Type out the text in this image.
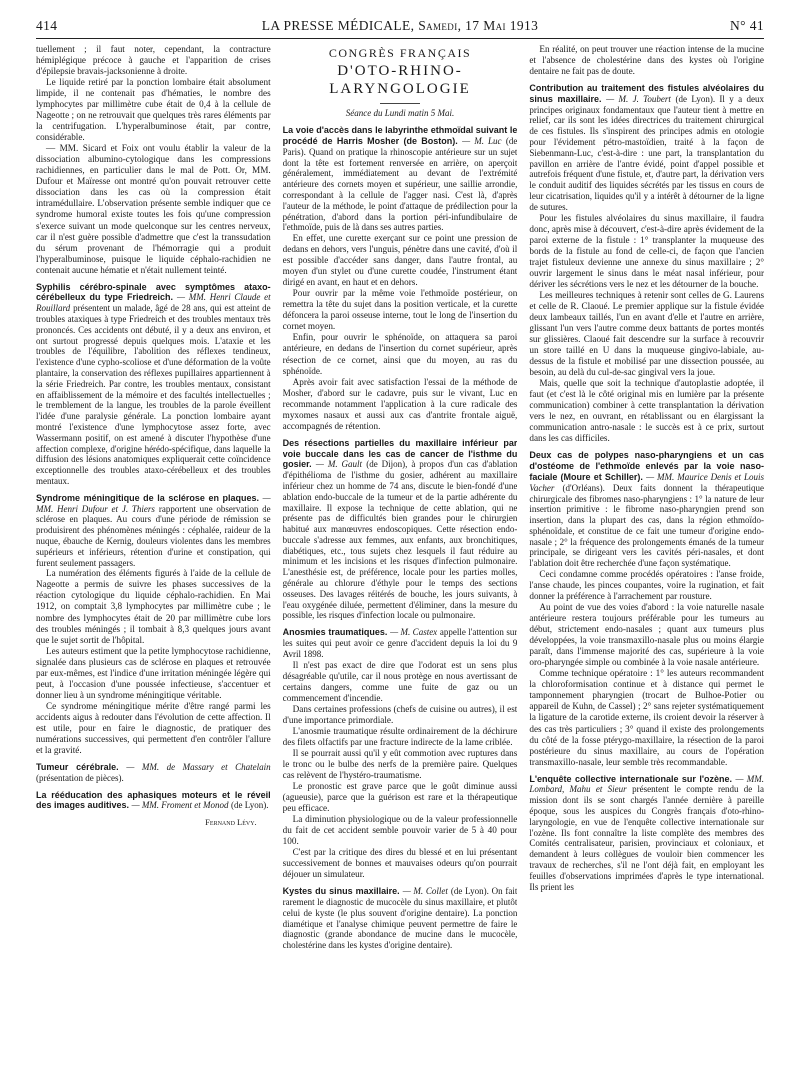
414	LA PRESSE MÉDICALE, Samedi, 17 Mai 1913	N° 41

tuellement ; il faut noter, cependant, la contracture hémiplégique précoce à gauche et l'apparition de crises d'épilepsie bravais-jacksonienne à droite.

Le liquide retiré par la ponction lombaire était absolument limpide, il ne contenait pas d'hématies, le nombre des lymphocytes par millimètre cube était de 0,4 à la cellule de Nageotte ; on ne retrouvait que quelques très rares éléments par la centrifugation. L'hyperalbuminose était, par contre, considérable.

— MM. Sicard et Foix ont voulu établir la valeur de la dissociation albumino-cytologique dans les compressions rachidiennes, en particulier dans le mal de Pott. Or, MM. Dufour et Maïresse ont montré qu'on pouvait retrouver cette dissociation dans les cas où la compression était intramédullaire. L'observation présente semble indiquer que ce syndrome humoral existe toutes les fois qu'une compression s'exerce suivant un mode quelconque sur les centres nerveux, car il n'est guère possible d'admettre que c'est la transsudation du sérum provenant de l'hémorragie qui a produit l'hyperalbuminose, puisque le liquide céphalo-rachidien ne contenait aucune hématie et n'était nullement teinté.

Syphilis cérébro-spinale avec symptômes ataxo-cérébelleux du type Friedreich. — MM. Henri Claude et Rouillard présentent un malade, âgé de 28 ans, qui est atteint de troubles ataxiques à type Friedreich et des troubles mentaux très prononcés. Ces accidents ont débuté, il y a deux ans environ, et ont surtout progressé depuis quelques mois. L'ataxie et les troubles de l'équilibre, l'abolition des réflexes tendineux, l'existence d'une cypho-scoliose et d'une déformation de la voûte plantaire, la conservation des réflexes pupillaires appartiennent à la série Friedreich. Par contre, les troubles mentaux, consistant en affaiblissement de la mémoire et des facultés intellectuelles ; le tremblement de la langue, les troubles de la parole éveillent l'idée d'une paralysie générale. La ponction lombaire ayant montré l'existence d'une lymphocytose assez forte, avec Wassermann positif, on est amené à discuter l'hypothèse d'une affection complexe, d'origine hérédo-spécifique, dans laquelle la diffusion des lésions anatomiques expliquerait cette coïncidence exceptionnelle des troubles ataxo-cérébelleux et des troubles mentaux.

Syndrome méningitique de la sclérose en plaques. — MM. Henri Dufour et J. Thiers rapportent une observation de sclérose en plaques. Au cours d'une période de rémission se produisirent des phénomènes méningés : céphalée, raideur de la nuque, ébauche de Kernig, douleurs violentes dans les membres supérieurs et inférieurs, rétention d'urine et constipation, qui furent seulement passagers.

La numération des éléments figurés à l'aide de la cellule de Nageotte a permis de suivre les phases successives de la réaction cytologique du liquide céphalo-rachidien. En Mai 1912, on comptait 3,8 lymphocytes par millimètre cube ; le nombre des lymphocytes était de 20 par millimètre cube lors des troubles méningés ; il tombait à 8,3 quelques jours avant que le sujet sortit de l'hôpital.

Les auteurs estiment que la petite lymphocytose rachidienne, signalée dans plusieurs cas de sclérose en plaques et retrouvée par eux-mêmes, est l'indice d'une irritation méningée légère qui peut, à l'occasion d'une poussée infectieuse, s'accentuer et donner lieu à un syndrome méningitique véritable.

Ce syndrome méningitique mérite d'être rangé parmi les accidents aigus à redouter dans l'évolution de cette affection. Il est utile, pour en faire le diagnostic, de pratiquer des numérations successives, qui permettent d'en contrôler l'allure et la gravité.

Tumeur cérébrale. — MM. de Massary et Chatelain (présentation de pièces).

La rééducation des aphasiques moteurs et le réveil des images auditives. — MM. Froment et Monod (de Lyon).

Fernand Lévy.
CONGRÈS FRANÇAIS
D'OTO-RHINO-LARYNGOLOGIE
Séance du Lundi matin 5 Mai.

La voie d'accès dans le labyrinthe ethmoïdal suivant le procédé de Harris Mosher (de Boston). — M. Luc (de Paris). Quand on pratique la rhinoscopie antérieure sur un sujet dont la tête est fortement renversée en arrière, on aperçoit généralement, immédiatement au devant de l'extrémité antérieure des cornets moyen et supérieur, une saillie arrondie, correspondant à la cellule de l'agger nasi. C'est là, d'après l'auteur de la méthode, le point d'attaque de prédilection pour la pénétration, d'abord dans la portion péri-infundibulaire de l'ethmoïde, puis de là dans ses autres parties.

En effet, une curette exerçant sur ce point une pression de dedans en dehors, vers l'unguis, pénètre dans une cavité, d'où il est possible d'accéder sans danger, dans l'autre frontal, au moyen d'un stylet ou d'une curette coudée, l'instrument étant dirigé en avant, en haut et en dehors.

Pour ouvrir par la même voie l'ethmoïde postérieur, on remettra la tête du sujet dans la position verticale, et la curette défoncera la paroi osseuse interne, tout le long de l'insertion du cornet moyen.

Enfin, pour ouvrir le sphénoïde, on attaquera sa paroi antérieure, en dedans de l'insertion du cornet supérieur, après résection de ce cornet, ainsi que du moyen, au ras du sphénoïde.

Après avoir fait avec satisfaction l'essai de la méthode de Mosher, d'abord sur le cadavre, puis sur le vivant, Luc en recommande notamment l'application à la cure radicale des myxomes nasaux et aussi aux cas d'antrite frontale aiguë, accompagnés de rétention.

Des résections partielles du maxillaire inférieur par voie buccale dans les cas de cancer de l'isthme du gosier. — M. Gault (de Dijon), à propos d'un cas d'ablation d'épithélioma de l'isthme du gosier, adhérent au maxillaire inférieur chez un homme de 74 ans, discute le bien-fondé d'une ablation endo-buccale de la tumeur et de la partie adhérente du maxillaire. Il expose la technique de cette ablation, qui ne présente pas de difficultés bien grandes pour le chirurgien habitué aux manœuvres endoscopiques. Cette résection endo-buccale s'adresse aux femmes, aux enfants, aux bronchitiques, diabétiques, etc., tous sujets chez lesquels il faut réduire au minimum et les incisions et les risques d'infection pulmonaire. L'anesthésie est, de préférence, locale pour les parties molles, générale au chlorure d'éthyle pour le temps des sections osseuses. Des lavages réitérés de bouche, les jours suivants, à l'eau oxygénée diluée, permettent d'éliminer, dans la mesure du possible, les risques d'infection locale ou pulmonaire.

Anosmies traumatiques. — M. Castex appelle l'attention sur les suites qui peut avoir ce genre d'accident depuis la loi du 9 Avril 1898.

Il n'est pas exact de dire que l'odorat est un sens plus désagréable qu'utile, car il nous protège en nous avertissant de certains dangers, comme une fuite de gaz ou un commencement d'incendie.

Dans certaines professions (chefs de cuisine ou autres), il est d'une importance primordiale.

L'anosmie traumatique résulte ordinairement de la déchirure des filets olfactifs par une fracture indirecte de la lame criblée.

Il se pourrait aussi qu'il y eût commotion avec ruptures dans le tronc ou le bulbe des nerfs de la première paire. Quelques cas relèvent de l'hystéro-traumatisme.

Le pronostic est grave parce que le goût diminue aussi (agueusie), parce que la guérison est rare et la thérapeutique peu efficace.

La diminution physiologique ou de la valeur professionnelle du fait de cet accident semble pouvoir varier de 5 à 40 pour 100.

C'est par la critique des dires du blessé et en lui présentant successivement de bonnes et mauvaises odeurs qu'on pourrait déjouer un simulateur.

Kystes du sinus maxillaire. — M. Collet (de Lyon). On fait rarement le diagnostic de mucocèle du sinus maxillaire, et plutôt celui de kyste (le plus souvent d'origine dentaire). La ponction diamétique et l'analyse chimique peuvent permettre de faire le diagnostic (grande abondance de mucine dans le mucocèle, cholestérine dans les kystes d'origine dentaire).

En réalité, on peut trouver une réaction intense de la mucine et l'absence de cholestérine dans des kystes où l'origine dentaire ne fait pas de doute.

Contribution au traitement des fistules alvéolaires du sinus maxillaire. — M. J. Toubert (de Lyon). Il y a deux principes originaux fondamentaux que l'auteur tient à mettre en relief, car ils sont les idées directrices du traitement chirurgical de ces fistules. Ils s'inspirent des principes admis en otologie pour l'évidement pétro-mastoïdien, traité à la façon de Siebenmann-Luc, c'est-à-dire : une part, la transplantation du pavillon en arrière de l'antre évidé, point d'appel possible et autrefois fréquent d'une fistule, et, d'autre part, la dérivation vers le conduit auditif des liquides sécrétés par les tissus en cours de leur cicatrisation, liquides qu'il y a intérêt à détourner de la ligne de sutures.

Pour les fistules alvéolaires du sinus maxillaire, il faudra donc, après mise à découvert, c'est-à-dire après évidement de la paroi externe de la fistule : 1° transplanter la muqueuse des bords de la fistule au fond de celle-ci, de façon que l'ancien trajet fistuleux devienne une annexe du sinus maxillaire ; 2° ouvrir largement le sinus dans le méat nasal inférieur, pour dériver les sécrétions vers le nez et les détourner de la bouche.

Les meilleures techniques à retenir sont celles de G. Laurens et celle de R. Claoué. Le premier applique sur la fistule évidée deux lambeaux taillés, l'un en avant d'elle et l'autre en arrière, glissant l'un vers l'autre comme deux battants de portes montés sur glissières. Claoué fait descendre sur la surface à recouvrir un store taillé en U dans la muqueuse gingivo-labiale, au-dessus de la fistule et mobilisé par une dissection poussée, au besoin, au delà du cul-de-sac gingival vers la joue.

Mais, quelle que soit la technique d'autoplastie adoptée, il faut (et c'est là le côté original mis en lumière par la présente communication) combiner à cette transplantation la dérivation vers le nez, en ouvrant, en rétablissant ou en élargissant la communication antro-nasale : le succès est à ce prix, surtout dans les cas difficiles.

Deux cas de polypes naso-pharyngiens et un cas d'ostéome de l'ethmoïde enlevés par la voie naso-faciale (Moure et Schiller). — MM. Maurice Denis et Louis Vacher (d'Orléans). Deux faits donnent la thérapeutique chirurgicale des fibromes naso-pharyngiens : 1° la nature de leur insertion primitive : le fibrome naso-pharyngien prend son insertion, dans la plupart des cas, dans la région ethmoïdo-sphénoïdale, et constitue de ce fait une tumeur d'origine endo-nasale ; 2° la fréquence des prolongements émanés de la tumeur principale, se dirigeant vers les cavités péri-nasales, et dont l'ablation doit être recherchée d'une façon systématique.

Ceci condamne comme procédés opératoires : l'anse froide, l'anse chaude, les pinces coupantes, voire la rugination, et fait donner la préférence à l'arrachement par rousture.

Au point de vue des voies d'abord : la voie naturelle nasale antérieure restera toujours préférable pour les tumeurs au début, strictement endo-nasales ; quant aux tumeurs plus développées, la voie transmaxillo-nasale plus ou moins élargie paraît, dans l'immense majorité des cas, supérieure à la voie oro-pharyngée simple ou combinée à la voie nasale antérieure.

Comme technique opératoire : 1° les auteurs recommandent la chloroformisation continue et à distance qui permet le tamponnement pharyngien (trocart de Bulhoe-Potier ou appareil de Kuhn, de Cassel) ; 2° sans rejeter systématiquement la ligature de la carotide externe, ils croient devoir la réserver à des cas très particuliers ; 3° quand il existe des prolongements du côté de la fosse ptérygo-maxillaire, la résection de la paroi postérieure du sinus maxillaire, au cours de l'opération transmaxillo-nasale, leur semble très recommandable.

L'enquête collective internationale sur l'ozène. — MM. Lombard, Mahu et Sieur présentent le compte rendu de la mission dont ils se sont chargés l'année dernière à pareille époque, sous les auspices du Congrès français d'oto-rhino-laryngologie, en vue de l'enquête collective internationale sur l'ozène. Ils font connaître la liste complète des membres des Comités centralisateur, parisien, provinciaux et coloniaux, et demandent à leurs collègues de vouloir bien commencer les travaux de recherches, s'il ne l'ont déjà fait, en employant les feuilles d'observations imprimées d'après le type international. Ils prient les
